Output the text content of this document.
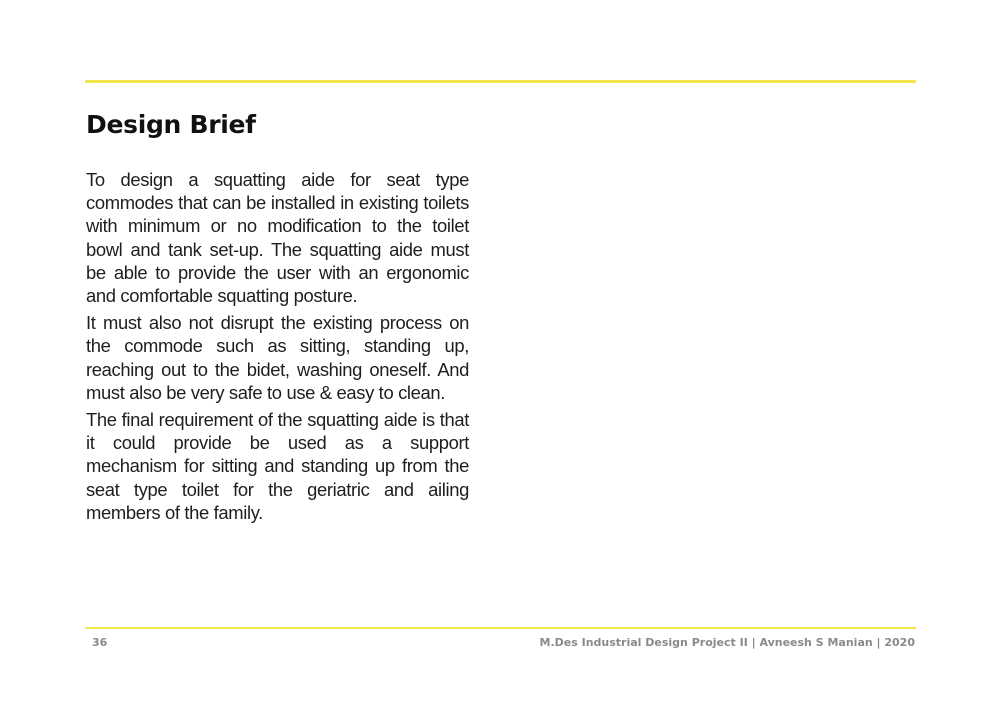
Design Brief

To design a squatting aide for seat type commodes that can be installed in existing toilets with minimum or no modification to the toilet bowl and tank set-up. The squatting aide must be able to provide the user with an ergonomic and comfortable squatting posture.

It must also not disrupt the existing process on the commode such as sitting, standing up, reaching out to the bidet, washing oneself. And must also be very safe to use & easy to clean.

The final requirement of the squatting aide is that it could provide be used as a support mechanism for sitting and standing up from the seat type toilet for the geriatric and ailing members of the family.

36	M.Des Industrial Design Project II | Avneesh S Manian | 2020
